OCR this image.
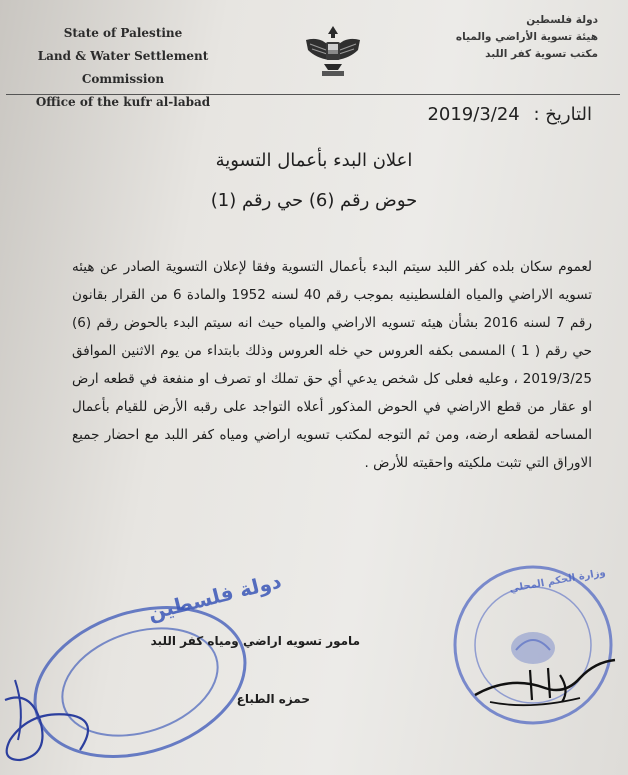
State of Palestine
Land & Water Settlement Commission
Office of the kufr al-labad
دولة فلسطين
هيئة تسوية الأراضي والمياه
مكتب تسوية كفر اللبد
التاريخ : 2019/3/24
اعلان البدء بأعمال التسوية
حوض رقم (6) حي رقم (1)
لعموم سكان بلده كفر اللبد سيتم البدء بأعمال التسوية وفقا لإعلان التسوية الصادر عن هيئه تسويه الاراضي والمياه الفلسطينيه بموجب رقم 40 لسنه 1952 والمادة 6 من القرار بقانون رقم 7 لسنه 2016 بشأن هيئه تسويه الاراضي والمياه حيث انه سيتم البدء بالحوض رقم (6) حي رقم ( 1 ) المسمى بكفه العروس حي خله العروس وذلك بابتداء من يوم الاثنين الموافق 2019/3/25 ، وعليه فعلى كل شخص يدعي أي حق تملك او تصرف او منفعة في قطعه ارض او عقار من قطع الاراضي في الحوض المذكور أعلاه التواجد على رقبه الأرض للقيام بأعمال المساحه لقطعه ارضه، ومن ثم التوجه لمكتب تسويه اراضي ومياه كفر اللبد مع احضار جميع الاوراق التي تثبت ملكيته واحقيته للأرض .
دولة فلسطين	وزارة الحكم المحلي
مامور تسويه اراضي ومياه كفر اللبد
حمزه الطباع
